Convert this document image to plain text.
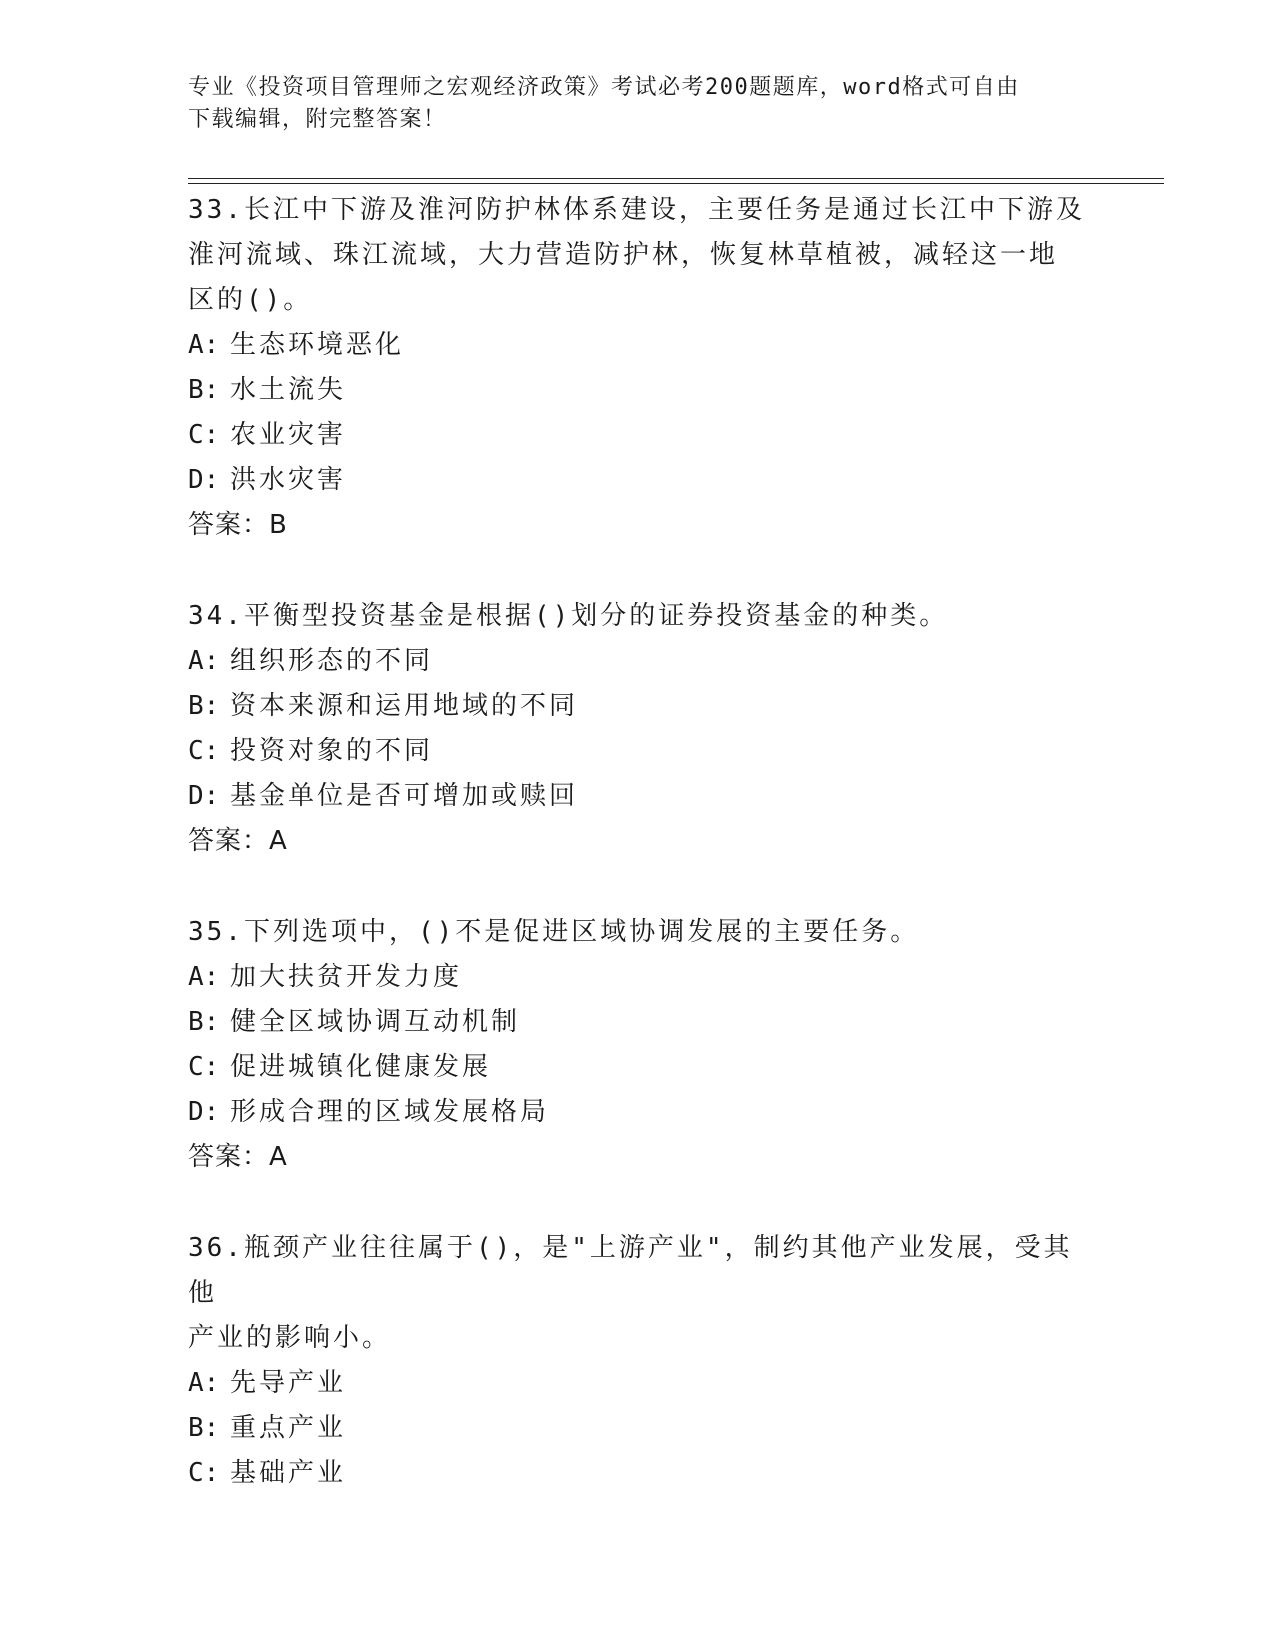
专业《投资项目管理师之宏观经济政策》考试必考200题题库，word格式可自由
下载编辑，附完整答案！
33.长江中下游及淮河防护林体系建设，主要任务是通过长江中下游及
淮河流域、珠江流域，大力营造防护林，恢复林草植被，减轻这一地
区的()。
A: 生态环境恶化
B: 水土流失
C: 农业灾害
D: 洪水灾害
答案：B
34.平衡型投资基金是根据()划分的证券投资基金的种类。
A: 组织形态的不同
B: 资本来源和运用地域的不同
C: 投资对象的不同
D: 基金单位是否可增加或赎回
答案：A
35.下列选项中，()不是促进区域协调发展的主要任务。
A: 加大扶贫开发力度
B: 健全区域协调互动机制
C: 促进城镇化健康发展
D: 形成合理的区域发展格局
答案：A
36.瓶颈产业往往属于()，是"上游产业"，制约其他产业发展，受其他
产业的影响小。
A: 先导产业
B: 重点产业
C: 基础产业
